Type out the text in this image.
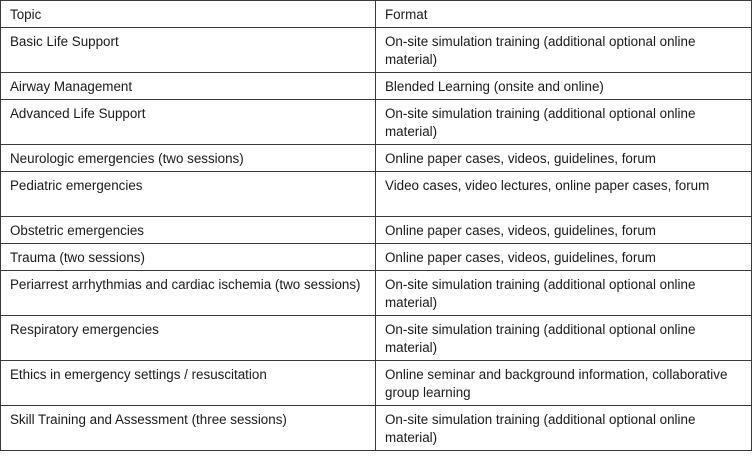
Topic	Format
Basic Life Support	On-site simulation training (additional optional online material)
Airway Management	Blended Learning (onsite and online)
Advanced Life Support	On-site simulation training (additional optional online material)
Neurologic emergencies (two sessions)	Online paper cases, videos, guidelines, forum
Pediatric emergencies	Video cases, video lectures, online paper cases, forum
Obstetric emergencies	Online paper cases, videos, guidelines, forum
Trauma (two sessions)	Online paper cases, videos, guidelines, forum
Periarrest arrhythmias and cardiac ischemia (two sessions)	On-site simulation training (additional optional online material)
Respiratory emergencies	On-site simulation training (additional optional online material)
Ethics in emergency settings / resuscitation	Online seminar and background information, collaborative group learning
Skill Training and Assessment (three sessions)	On-site simulation training (additional optional online material)
